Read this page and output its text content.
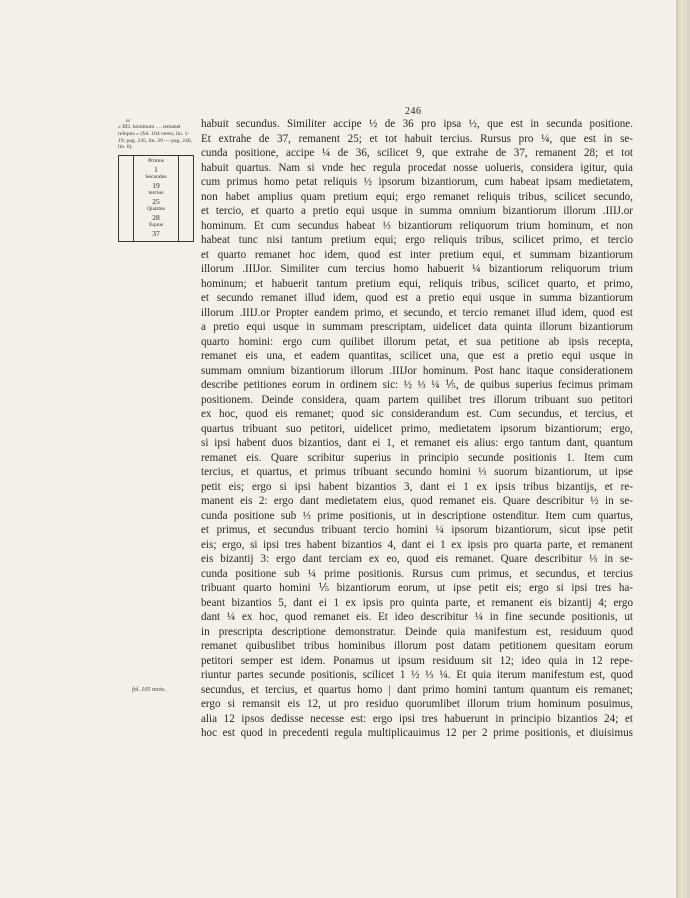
246
or
« IIIJ. hominum .... remanet reliquis » (fol. 104 verso, lin. 1-19; pag. 245, lin. 39 — pag. 246, lin. 6).
Primus
1
Secundus
19
tercius
25
Quartus
28
Equus
37
fol. 105 recto.
habuit secundus. Similiter accipe ½ de 36 pro ipsa ½, que est in secunda positione.
Et extrahe de 37, remanent 25; et tot habuit tercius. Rursus pro ¼, que est in se-
cunda positione, accipe ¼ de 36, scilicet 9, que extrahe de 37, remanent 28; et tot
habuit quartus. Nam si vnde hec regula procedat nosse uolueris, considera igitur, quia
cum primus homo petat reliquis ½ ipsorum bizantiorum, cum habeat ipsam medietatem,
non habet amplius quam pretium equi; ergo remanet reliquis tribus, scilicet secundo,
et tercio, et quarto a pretio equi usque in summa omnium bizantiorum illorum .IIIJ.or
hominum. Et cum secundus habeat ⅓ bizantiorum reliquorum trium hominum, et non
habeat tunc nisi tantum pretium equi; ergo reliquis tribus, scilicet primo, et tercio
et quarto remanet hoc idem, quod est inter pretium equi, et summam bizantiorum
illorum .IIIJor. Similiter cum tercius homo habuerit ¼ bizantiorum reliquorum trium
hominum; et habuerit tantum pretium equi, reliquis tribus, scilicet quarto, et primo,
et secundo remanet illud idem, quod est a pretio equi usque in summa bizantiorum
illorum .IIIJ.or Propter eandem primo, et secundo, et tercio remanet illud idem, quod est
a pretio equi usque in summam prescriptam, uidelicet data quinta illorum bizantiorum
quarto homini: ergo cum quilibet illorum petat, et sua petitione ab ipsis recepta,
remanet eis una, et eadem quantitas, scilicet una, que est a pretio equi usque in
summam omnium bizantiorum illorum .IIIJor hominum. Post hanc itaque considerationem
describe petitiones eorum in ordinem sic: ½ ⅓ ¼ ⅕, de quibus superius fecimus primam
positionem. Deinde considera, quam partem quilibet tres illorum tribuant suo petitori
ex hoc, quod eis remanet; quod sic considerandum est. Cum secundus, et tercius, et
quartus tribuant suo petitori, uidelicet primo, medietatem ipsorum bizantiorum; ergo,
si ipsi habent duos bizantios, dant ei 1, et remanet eis alius: ergo tantum dant, quantum
remanet eis. Quare scribitur superius in principio secunde positionis 1. Item cum
tercius, et quartus, et primus tribuant secundo homini ⅓ suorum bizantiorum, ut ipse
petit eis; ergo si ipsi habent bizantios 3, dant ei 1 ex ipsis tribus bizantijs, et re-
manent eis 2: ergo dant medietatem eius, quod remanet eis. Quare describitur ½ in se-
cunda positione sub ⅓ prime positionis, ut in descriptione ostenditur. Item cum quartus,
et primus, et secundus tribuant tercio homini ¼ ipsorum bizantiorum, sicut ipse petit
eis; ergo, si ipsi tres habent bizantios 4, dant ei 1 ex ipsis pro quarta parte, et remanent
eis bizantij 3: ergo dant terciam ex eo, quod eis remanet. Quare describitur ⅓ in se-
cunda positione sub ¼ prime positionis. Rursus cum primus, et secundus, et tercius
tribuant quarto homini ⅕ bizantiorum eorum, ut ipse petit eis; ergo si ipsi tres ha-
beant bizantios 5, dant ei 1 ex ipsis pro quinta parte, et remanent eis bizantij 4; ergo
dant ¼ ex hoc, quod remanet eis. Et ideo describitur ¼ in fine secunde positionis, ut
in prescripta descriptione demonstratur. Deinde quia manifestum est, residuum quod
remanet quibuslibet tribus hominibus illorum post datam petitionem quesitam eorum
petitori semper est idem. Ponamus ut ipsum residuum sit 12; ideo quia in 12 repe-
riuntur partes secunde positionis, scilicet 1 ½ ⅓ ¼. Et quia iterum manifestum est, quod
secundus, et tercius, et quartus homo | dant primo homini tantum quantum eis remanet;
ergo si remansit eis 12, ut pro residuo quorumlibet illorum trium hominum posuimus,
alia 12 ipsos dedisse necesse est: ergo ipsi tres habuerunt in principio bizantios 24; et
hoc est quod in precedenti regula multiplicauimus 12 per 2 prime positionis, et diuisimus
